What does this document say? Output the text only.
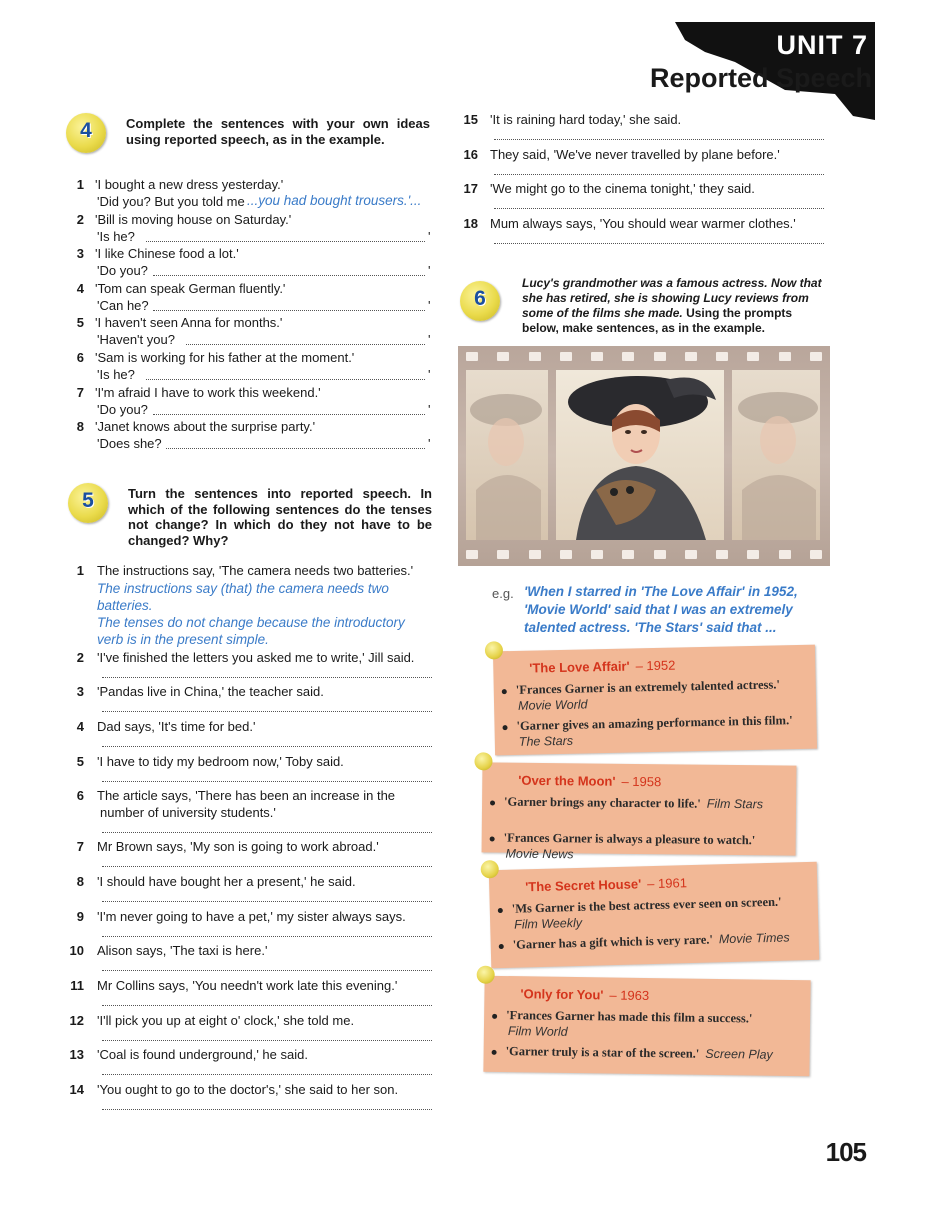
UNIT 7
Reported Speech
4	Complete the sentences with your own ideas using reported speech, as in the example.
1 'I bought a new dress yesterday.'
'Did you? But you told me ...you had bought trousers.'...
2 'Bill is moving house on Saturday.'
'Is he?	'
3 'I like Chinese food a lot.'
'Do you?	'
4 'Tom can speak German fluently.'
'Can he?	'
5 'I haven't seen Anna for months.'
'Haven't you?	'
6 'Sam is working for his father at the moment.'
'Is he?	'
7 'I'm afraid I have to work this weekend.'
'Do you?	'
8 'Janet knows about the surprise party.'
'Does she?	'
5	Turn the sentences into reported speech. In which of the following sentences do the tenses not change? In which do they not have to be changed? Why?
1 The instructions say, 'The camera needs two batteries.'
The instructions say (that) the camera needs two
batteries.
The tenses do not change because the introductory
verb is in the present simple.
2 'I've finished the letters you asked me to write,' Jill said.
3 'Pandas live in China,' the teacher said.
4 Dad says, 'It's time for bed.'
5 'I have to tidy my bedroom now,' Toby said.
6 The article says, 'There has been an increase in the
number of university students.'
7 Mr Brown says, 'My son is going to work abroad.'
8 'I should have bought her a present,' he said.
9 'I'm never going to have a pet,' my sister always says.
10 Alison says, 'The taxi is here.'
11 Mr Collins says, 'You needn't work late this evening.'
12 'I'll pick you up at eight o' clock,' she told me.
13 'Coal is found underground,' he said.
14 'You ought to go to the doctor's,' she said to her son.
15 'It is raining hard today,' she said.
16 They said, 'We've never travelled by plane before.'
17 'We might go to the cinema tonight,' they said.
18 Mum always says, 'You should wear warmer clothes.'
6
Lucy's grandmother was a famous actress. Now that
she has retired, she is showing Lucy reviews from
some of the films she made. Using the prompts
below, make sentences, as in the example.
e.g. 'When I starred in 'The Love Affair' in 1952,
'Movie World' said that I was an extremely
talented actress. 'The Stars' said that ...
'The Love Affair' – 1952
'Frances Garner is an extremely talented actress.'
Movie World
'Garner gives an amazing performance in this film.'
The Stars
'Over the Moon' – 1958
'Garner brings any character to life.' Film Stars
'Frances Garner is always a pleasure to watch.'
Movie News
'The Secret House' – 1961
'Ms Garner is the best actress ever seen on screen.'
Film Weekly
'Garner has a gift which is very rare.' Movie Times
'Only for You' – 1963
'Frances Garner has made this film a success.'
Film World
'Garner truly is a star of the screen.' Screen Play
105
